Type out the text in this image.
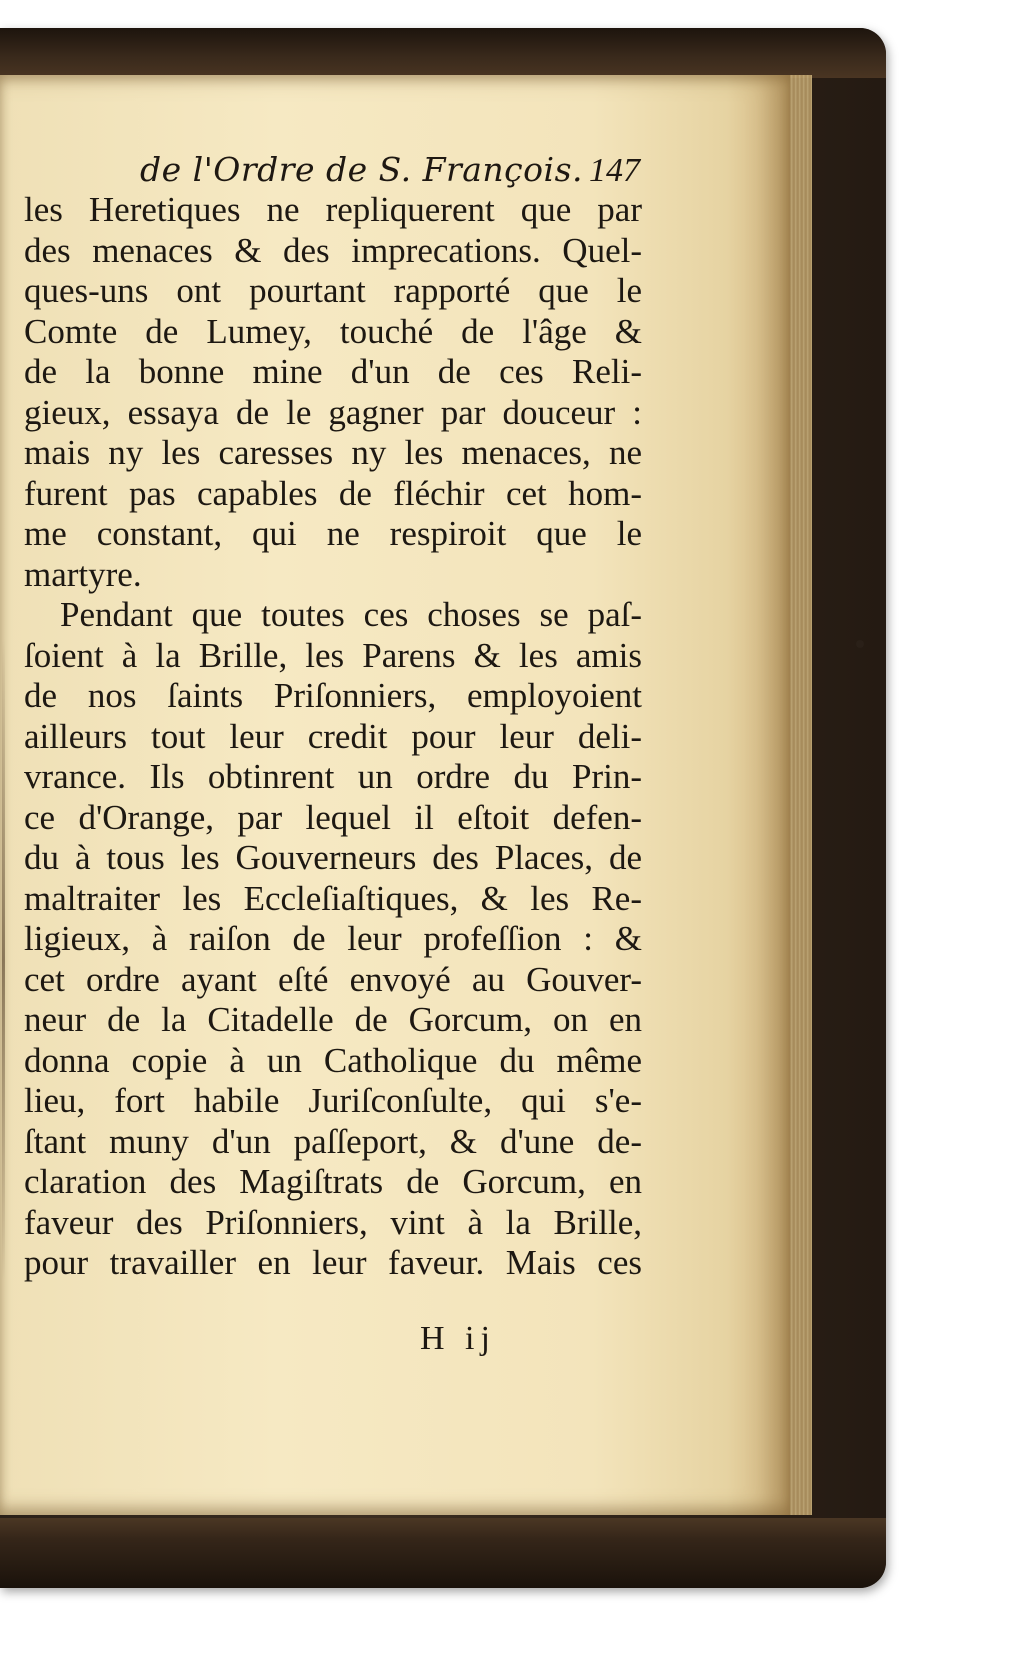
de l'Ordre de S. François. 147
les Heretiques ne repliquerent que par
des menaces & des imprecations. Quel-
ques-uns ont pourtant rapporté que le
Comte de Lumey, touché de l'âge &
de la bonne mine d'un de ces Reli-
gieux, essaya de le gagner par douceur :
mais ny les caresses ny les menaces, ne
furent pas capables de fléchir cet hom-
me constant, qui ne respiroit que le
martyre.
Pendant que toutes ces choses se paſ-
ſoient à la Brille, les Parens & les amis
de nos ſaints Priſonniers, employoient
ailleurs tout leur credit pour leur deli-
vrance. Ils obtinrent un ordre du Prin-
ce d'Orange, par lequel il eſtoit defen-
du à tous les Gouverneurs des Places, de
maltraiter les Eccleſiaſtiques, & les Re-
ligieux, à raiſon de leur profeſſion : &
cet ordre ayant eſté envoyé au Gouver-
neur de la Citadelle de Gorcum, on en
donna copie à un Catholique du même
lieu, fort habile Juriſconſulte, qui s'e-
ſtant muny d'un paſſeport, & d'une de-
claration des Magiſtrats de Gorcum, en
faveur des Priſonniers, vint à la Brille,
pour travailler en leur faveur. Mais ces
H ij
